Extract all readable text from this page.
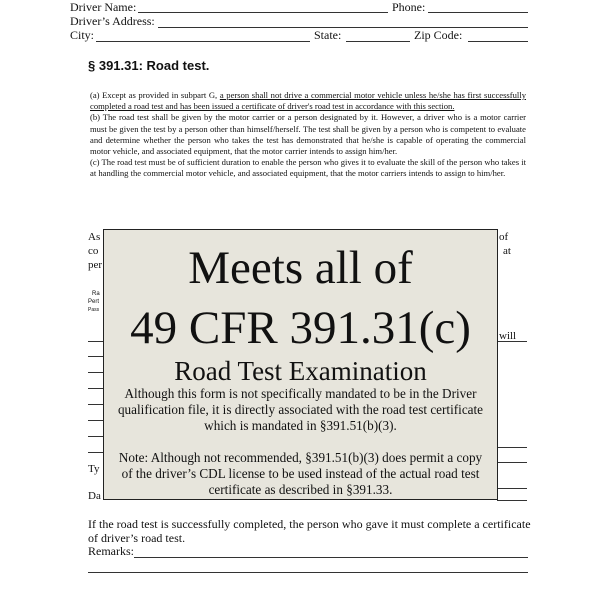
Driver Name:	Phone:
Driver’s Address:
City:	State:	Zip Code:
§ 391.31: Road test.
(a) Except as provided in subpart G, a person shall not drive a commercial motor vehicle unless he/she has first successfully completed a road test and has been issued a certificate of driver's road test in accordance with this section.
(b) The road test shall be given by the motor carrier or a person designated by it. However, a driver who is a motor carrier must be given the test by a person other than himself/herself. The test shall be given by a person who is competent to evaluate and determine whether the person who takes the test has demonstrated that he/she is capable of operating the commercial motor vehicle, and associated equipment, that the motor carrier intends to assign him/her.
(c) The road test must be of sufficient duration to enable the person who gives it to evaluate the skill of the person who takes it at handling the commercial motor vehicle, and associated equipment, that the motor carriers intends to assign to him/her.
As	of
co	at
per
Ra
Pert
Pass
will
Ty
Da
Meets all of
49 CFR 391.31(c)
Road Test Examination
Although this form is not specifically mandated to be in the Driver qualification file, it is directly associated with the road test certificate which is mandated in §391.51(b)(3).
Note: Although not recommended, §391.51(b)(3) does permit a copy of the driver’s CDL license to be used instead of the actual road test certificate as described in §391.33.
If the road test is successfully completed, the person who gave it must complete a certificate of driver’s road test.
Remarks:
